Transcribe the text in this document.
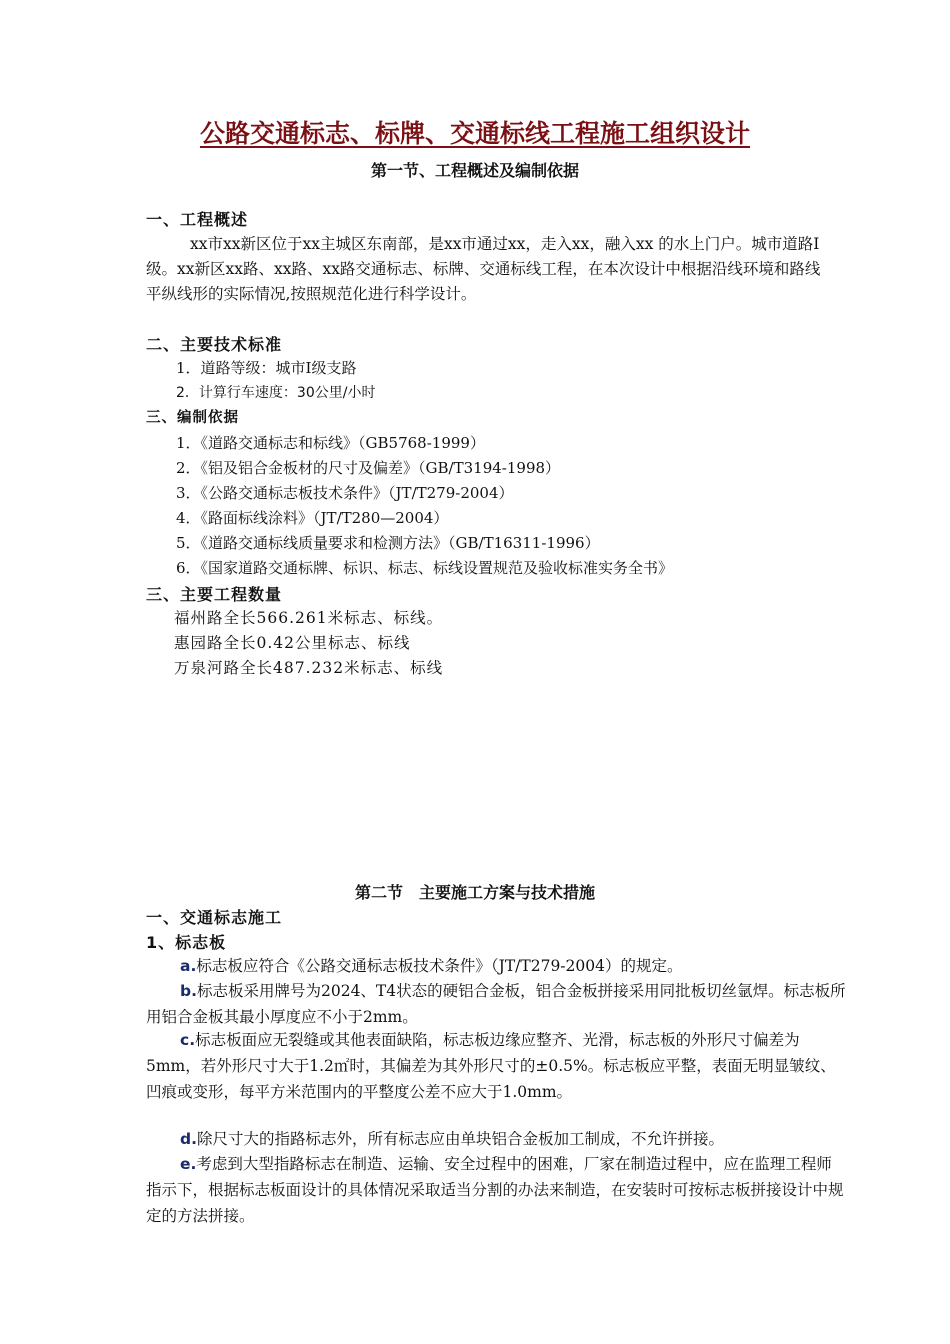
公路交通标志、标牌、交通标线工程施工组织设计
第一节、工程概述及编制依据
一、工程概述
xx市xx新区位于xx主城区东南部，是xx市通过xx，走入xx，融入xx 的水上门户。城市道路Ⅰ级。xx新区xx路、xx路、xx路交通标志、标牌、交通标线工程，在本次设计中根据沿线环境和路线平纵线形的实际情况,按照规范化进行科学设计。
二、主要技术标准
1．道路等级：城市Ⅰ级支路
2．计算行车速度：30公里/小时
三、编制依据
1．《道路交通标志和标线》（GB5768-1999）
2．《铝及铝合金板材的尺寸及偏差》（GB/T3194-1998）
3．《公路交通标志板技术条件》（JT/T279-2004）
4．《路面标线涂料》（JT/T280—2004）
5．《道路交通标线质量要求和检测方法》（GB/T16311-1996）
6．《国家道路交通标牌、标识、标志、标线设置规范及验收标准实务全书》
三、主要工程数量
福州路全长566.261米标志、标线。
惠园路全长0.42公里标志、标线
万泉河路全长487.232米标志、标线
第二节　主要施工方案与技术措施
一、交通标志施工
1、标志板
a.标志板应符合《公路交通标志板技术条件》（JT/T279-2004）的规定。
b.标志板采用牌号为2024、T4状态的硬铝合金板，铝合金板拼接采用同批板切丝氩焊。标志板所用铝合金板其最小厚度应不小于2mm。
c.标志板面应无裂缝或其他表面缺陷，标志板边缘应整齐、光滑，标志板的外形尺寸偏差为5mm，若外形尺寸大于1.2㎡时，其偏差为其外形尺寸的±0.5%。标志板应平整，表面无明显皱纹、凹痕或变形，每平方米范围内的平整度公差不应大于1.0mm。
d.除尺寸大的指路标志外，所有标志应由单块铝合金板加工制成，不允许拼接。
e.考虑到大型指路标志在制造、运输、安全过程中的困难，厂家在制造过程中，应在监理工程师指示下，根据标志板面设计的具体情况采取适当分割的办法来制造，在安装时可按标志板拼接设计中规定的方法拼接。
